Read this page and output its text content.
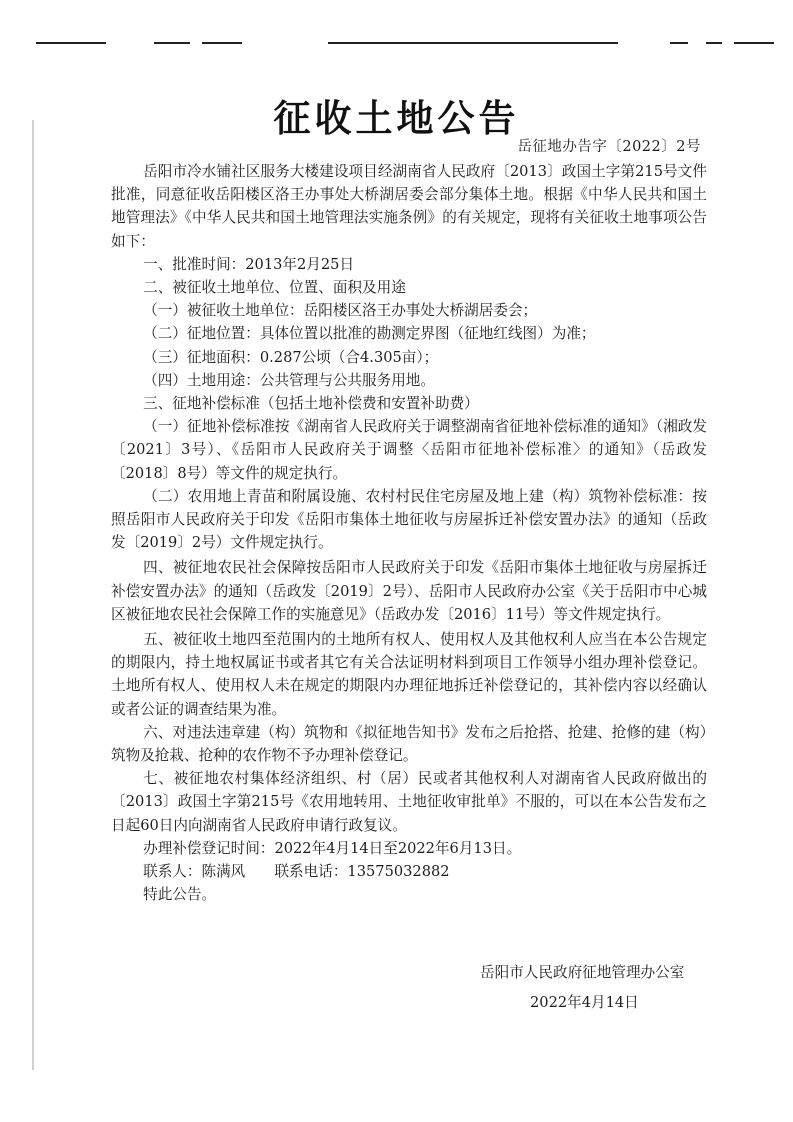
征收土地公告
岳征地办告字〔2022〕2号

岳阳市冷水铺社区服务大楼建设项目经湖南省人民政府〔2013〕政国土字第215号文件批准，同意征收岳阳楼区洛王办事处大桥湖居委会部分集体土地。根据《中华人民共和国土地管理法》《中华人民共和国土地管理法实施条例》的有关规定，现将有关征收土地事项公告如下：

一、批准时间：2013年2月25日

二、被征收土地单位、位置、面积及用途

（一）被征收土地单位：岳阳楼区洛王办事处大桥湖居委会；

（二）征地位置：具体位置以批准的勘测定界图（征地红线图）为准；

（三）征地面积：0.287公顷（合4.305亩）；

（四）土地用途：公共管理与公共服务用地。

三、征地补偿标准（包括土地补偿费和安置补助费）

（一）征地补偿标准按《湖南省人民政府关于调整湖南省征地补偿标准的通知》（湘政发〔2021〕3号）、《岳阳市人民政府关于调整〈岳阳市征地补偿标准〉的通知》（岳政发〔2018〕8号）等文件的规定执行。

（二）农用地上青苗和附属设施、农村村民住宅房屋及地上建（构）筑物补偿标准：按照岳阳市人民政府关于印发《岳阳市集体土地征收与房屋拆迁补偿安置办法》的通知（岳政发〔2019〕2号）文件规定执行。

四、被征地农民社会保障按岳阳市人民政府关于印发《岳阳市集体土地征收与房屋拆迁补偿安置办法》的通知（岳政发〔2019〕2号）、岳阳市人民政府办公室《关于岳阳市中心城区被征地农民社会保障工作的实施意见》（岳政办发〔2016〕11号）等文件规定执行。

五、被征收土地四至范围内的土地所有权人、使用权人及其他权利人应当在本公告规定的期限内，持土地权属证书或者其它有关合法证明材料到项目工作领导小组办理补偿登记。土地所有权人、使用权人未在规定的期限内办理征地拆迁补偿登记的，其补偿内容以经确认或者公证的调查结果为准。

六、对违法违章建（构）筑物和《拟征地告知书》发布之后抢搭、抢建、抢修的建（构）筑物及抢栽、抢种的农作物不予办理补偿登记。

七、被征地农村集体经济组织、村（居）民或者其他权利人对湖南省人民政府做出的〔2013〕政国土字第215号《农用地转用、土地征收审批单》不服的，可以在本公告发布之日起60日内向湖南省人民政府申请行政复议。

办理补偿登记时间：2022年4月14日至2022年6月13日。

联系人：陈满风　　联系电话：13575032882

特此公告。

岳阳市人民政府征地管理办公室
2022年4月14日
